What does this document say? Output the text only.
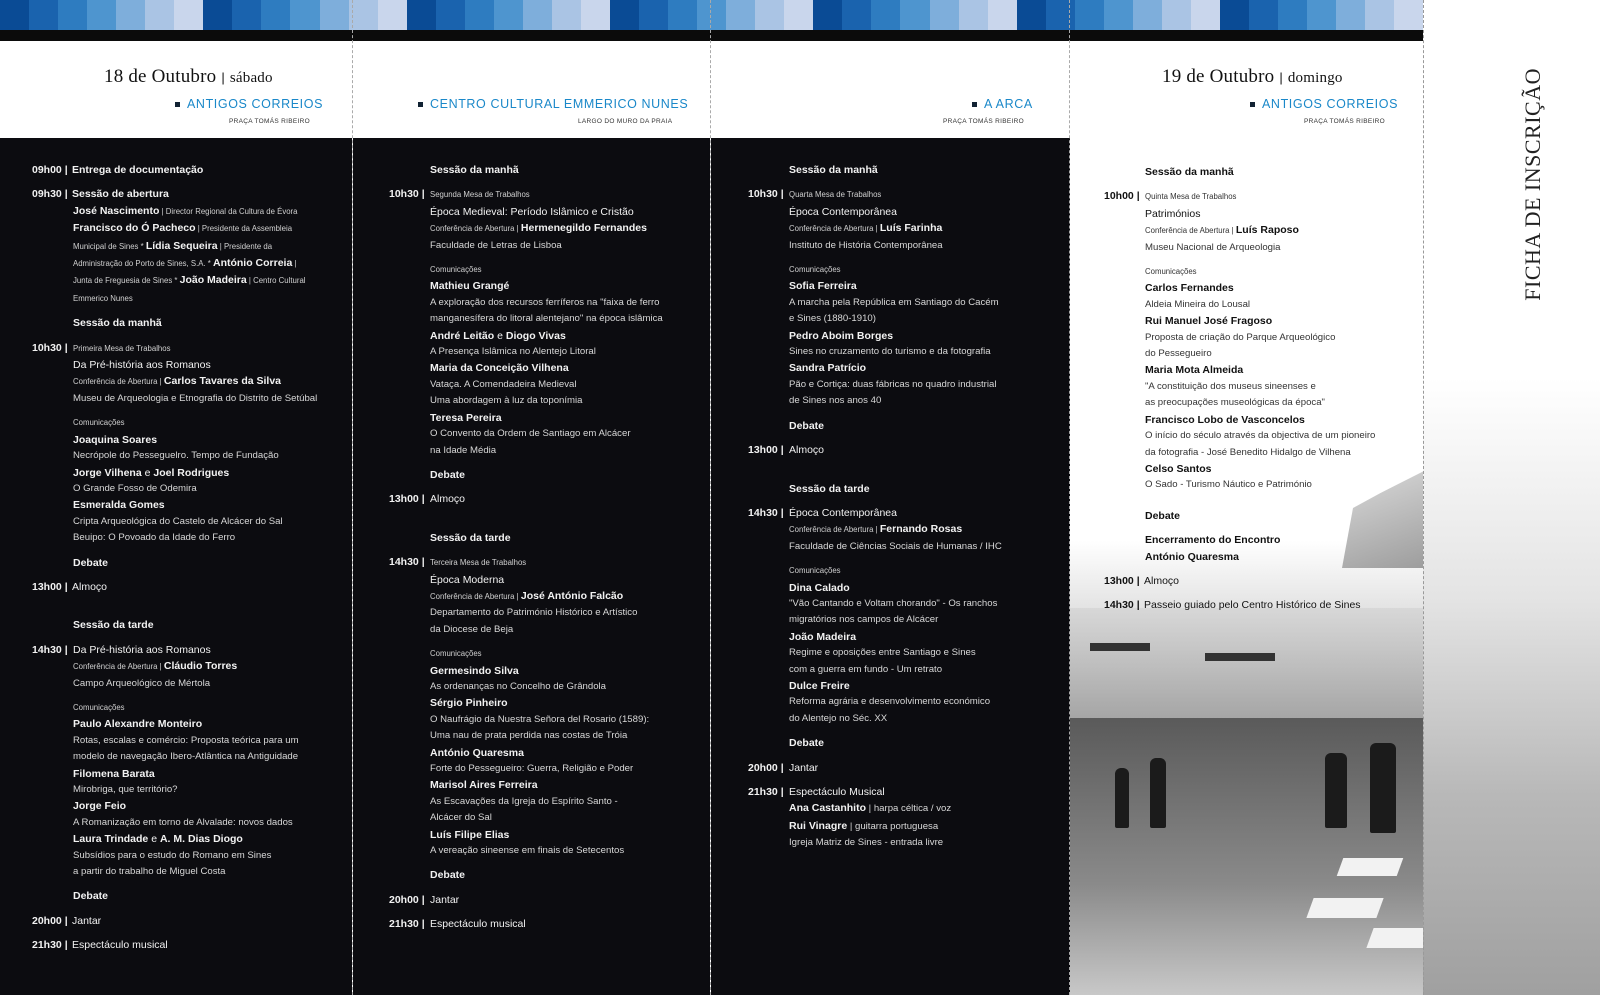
18 de Outubro | sábado
ANTIGOS CORREIOS
PRAÇA TOMÁS RIBEIRO
CENTRO CULTURAL EMMERICO NUNES
LARGO DO MURO DA PRAIA
A ARCA
PRAÇA TOMÁS RIBEIRO
19 de Outubro | domingo
ANTIGOS CORREIOS
PRAÇA TOMÁS RIBEIRO	FICHA DE INSCRIÇÃO
09h00 | Entrega de documentação
09h30 | Sessão de abertura
José Nascimento | Director Regional da Cultura de Évora
Francisco do Ó Pacheco | Presidente da Assembleia
Municipal de Sines * Lídia Sequeira | Presidente da
Administração do Porto de Sines, S.A. * António Correia |
Junta de Freguesia de Sines * João Madeira | Centro Cultural
Emmerico Nunes
Sessão da manhã
10h30 | Primeira Mesa de Trabalhos
Da Pré-história aos Romanos
Conferência de Abertura | Carlos Tavares da Silva
Museu de Arqueologia e Etnografia do Distrito de Setúbal
Comunicações
Joaquina Soares
Necrópole do Pesseguelro. Tempo de Fundação
Jorge Vilhena e Joel Rodrigues
O Grande Fosso de Odemira
Esmeralda Gomes
Cripta Arqueológica do Castelo de Alcácer do Sal
Beuipo: O Povoado da Idade do Ferro
Debate
13h00 | Almoço
Sessão da tarde
14h30 | Da Pré-história aos Romanos
Conferência de Abertura | Cláudio Torres
Campo Arqueológico de Mértola
Comunicações
Paulo Alexandre Monteiro
Rotas, escalas e comércio: Proposta teórica para um
modelo de navegação Ibero-Atlântica na Antiguidade
Filomena Barata
Mirobriga, que território?
Jorge Feio
A Romanização em torno de Alvalade: novos dados
Laura Trindade e A. M. Dias Diogo
Subsídios para o estudo do Romano em Sines
a partir do trabalho de Miguel Costa
Debate
20h00 | Jantar
21h30 | Espectáculo musical
Sessão da manhã
10h30 | Segunda Mesa de Trabalhos
Época Medieval: Período Islâmico e Cristão
Conferência de Abertura | Hermenegildo Fernandes
Faculdade de Letras de Lisboa
Comunicações
Mathieu Grangé
A exploração dos recursos ferríferos na "faixa de ferro
manganesífera do litoral alentejano" na época islâmica
André Leitão e Diogo Vivas
A Presença Islâmica no Alentejo Litoral
Maria da Conceição Vilhena
Vataça. A Comendadeira Medieval
Uma abordagem à luz da toponímia
Teresa Pereira
O Convento da Ordem de Santiago em Alcácer
na Idade Média
Debate
13h00 | Almoço
Sessão da tarde
14h30 | Terceira Mesa de Trabalhos
Época Moderna
Conferência de Abertura | José António Falcão
Departamento do Património Histórico e Artístico
da Diocese de Beja
Comunicações
Germesindo Silva
As ordenanças no Concelho de Grândola
Sérgio Pinheiro
O Naufrágio da Nuestra Señora del Rosario (1589):
Uma nau de prata perdida nas costas de Tróia
António Quaresma
Forte do Pessegueiro: Guerra, Religião e Poder
Marisol Aires Ferreira
As Escavações da Igreja do Espírito Santo -
Alcácer do Sal
Luís Filipe Elias
A vereação sineense em finais de Setecentos
Debate
20h00 | Jantar
21h30 | Espectáculo musical
Sessão da manhã
10h30 | Quarta Mesa de Trabalhos
Época Contemporânea
Conferência de Abertura | Luís Farinha
Instituto de História Contemporânea
Comunicações
Sofia Ferreira
A marcha pela República em Santiago do Cacém
e Sines (1880-1910)
Pedro Aboim Borges
Sines no cruzamento do turismo e da fotografia
Sandra Patrício
Pão e Cortiça: duas fábricas no quadro industrial
de Sines nos anos 40
Debate
13h00 | Almoço
Sessão da tarde
14h30 | Época Contemporânea
Conferência de Abertura | Fernando Rosas
Faculdade de Ciências Sociais de Humanas / IHC
Comunicações
Dina Calado
"Vão Cantando e Voltam chorando" - Os ranchos
migratórios nos campos de Alcácer
João Madeira
Regime e oposições entre Santiago e Sines
com a guerra em fundo - Um retrato
Dulce Freire
Reforma agrária e desenvolvimento económico
do Alentejo no Séc. XX
Debate
20h00 | Jantar
21h30 | Espectáculo Musical
Ana Castanhito | harpa céltica / voz
Rui Vinagre | guitarra portuguesa
Igreja Matriz de Sines - entrada livre
Sessão da manhã
10h00 | Quinta Mesa de Trabalhos
Patrimónios
Conferência de Abertura | Luís Raposo
Museu Nacional de Arqueologia
Comunicações
Carlos Fernandes
Aldeia Mineira do Lousal
Rui Manuel José Fragoso
Proposta de criação do Parque Arqueológico
do Pessegueiro
Maria Mota Almeida
"A constituição dos museus sineenses e
as preocupações museológicas da época"
Francisco Lobo de Vasconcelos
O início do século através da objectiva de um pioneiro
da fotografia - José Benedito Hidalgo de Vilhena
Celso Santos
O Sado - Turismo Náutico e Património
Debate
Encerramento do Encontro
António Quaresma
13h00 | Almoço
14h30 | Passeio guiado pelo Centro Histórico de Sines
